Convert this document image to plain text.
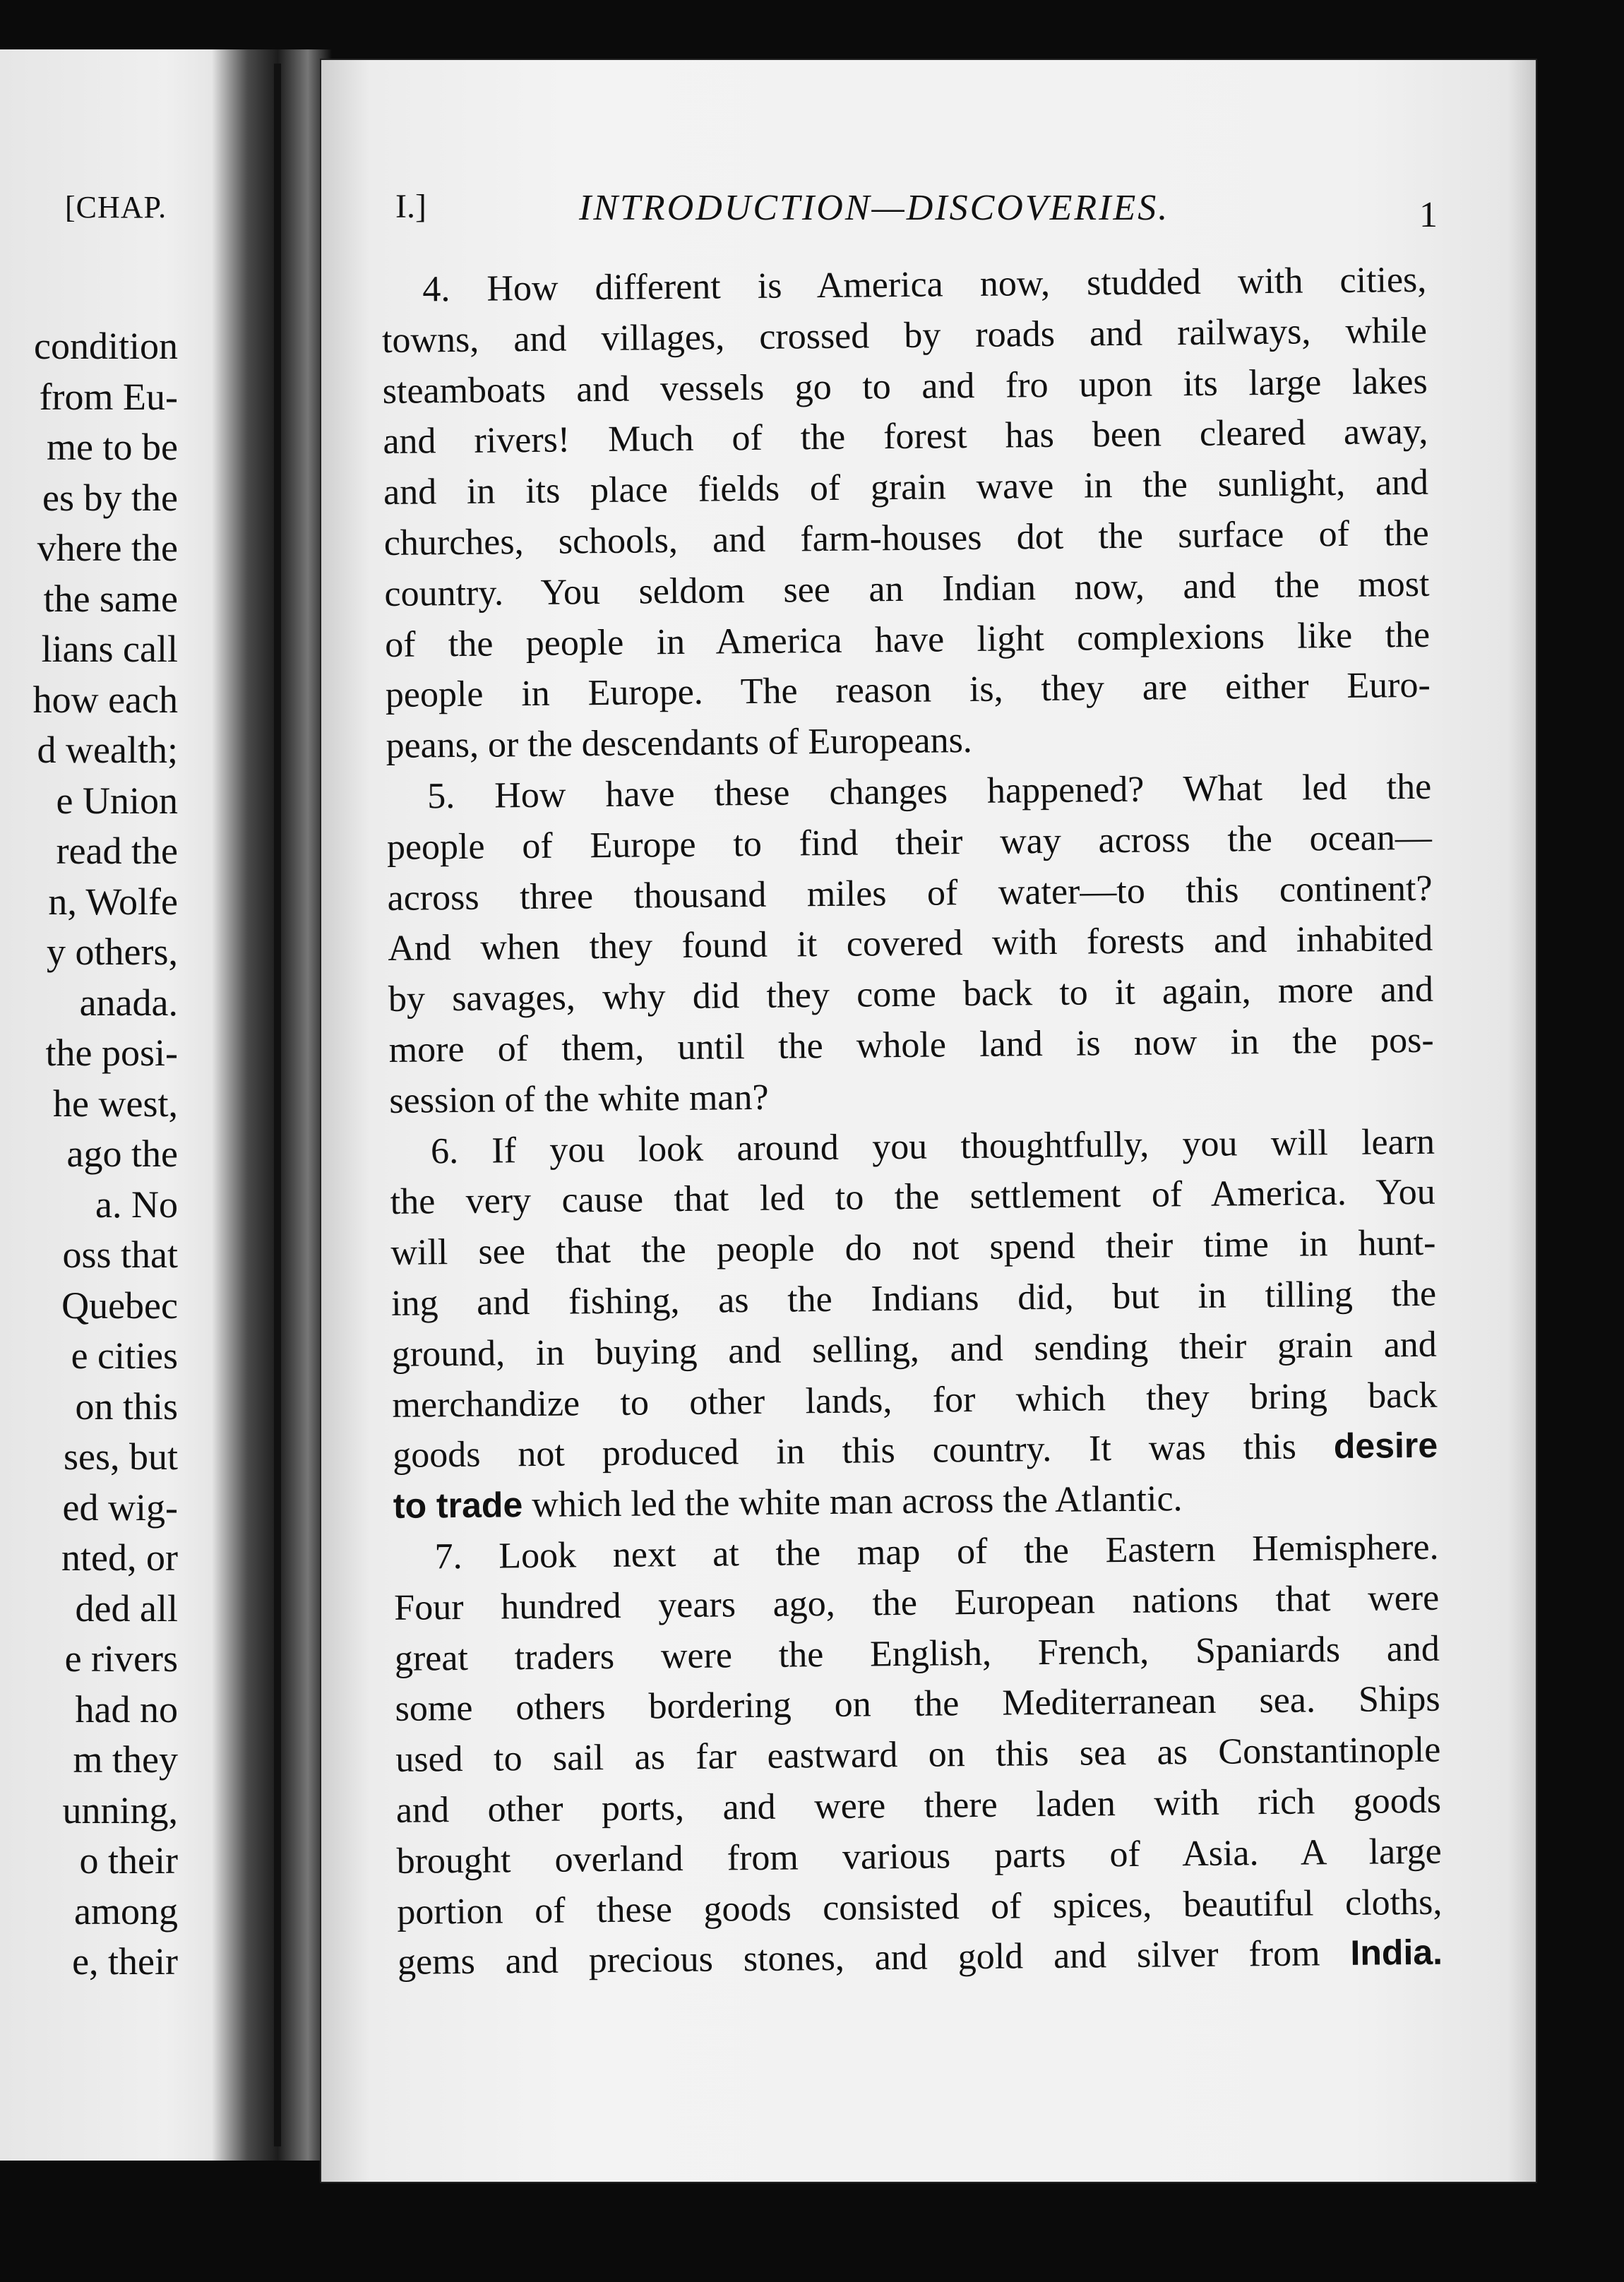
[CHAP.
condition
from Eu-
me to be
es by the
vhere the
the same
lians call
how each
d wealth;
e Union
read the
n, Wolfe
y others,
anada.
the posi-
he west,
ago the
a. No
oss that
Quebec
e cities
on this
ses, but
ed wig-
nted, or
ded all
e rivers
had no
m they
unning,
o their
among
e, their
I.]	INTRODUCTION—DISCOVERIES.	1
4. How different is America now, studded with cities,
towns, and villages, crossed by roads and railways, while
steamboats and vessels go to and fro upon its large lakes
and rivers! Much of the forest has been cleared away,
and in its place fields of grain wave in the sunlight, and
churches, schools, and farm-houses dot the surface of the
country. You seldom see an Indian now, and the most
of the people in America have light complexions like the
people in Europe. The reason is, they are either Euro-
peans, or the descendants of Europeans.
5. How have these changes happened? What led the
people of Europe to find their way across the ocean—
across three thousand miles of water—to this continent?
And when they found it covered with forests and inhabited
by savages, why did they come back to it again, more and
more of them, until the whole land is now in the pos-
session of the white man?
6. If you look around you thoughtfully, you will learn
the very cause that led to the settlement of America. You
will see that the people do not spend their time in hunt-
ing and fishing, as the Indians did, but in tilling the
ground, in buying and selling, and sending their grain and
merchandize to other lands, for which they bring back
goods not produced in this country. It was this desire
to trade which led the white man across the Atlantic.
7. Look next at the map of the Eastern Hemisphere.
Four hundred years ago, the European nations that were
great traders were the English, French, Spaniards and
some others bordering on the Mediterranean sea. Ships
used to sail as far eastward on this sea as Constantinople
and other ports, and were there laden with rich goods
brought overland from various parts of Asia. A large
portion of these goods consisted of spices, beautiful cloths,
gems and precious stones, and gold and silver from India.
